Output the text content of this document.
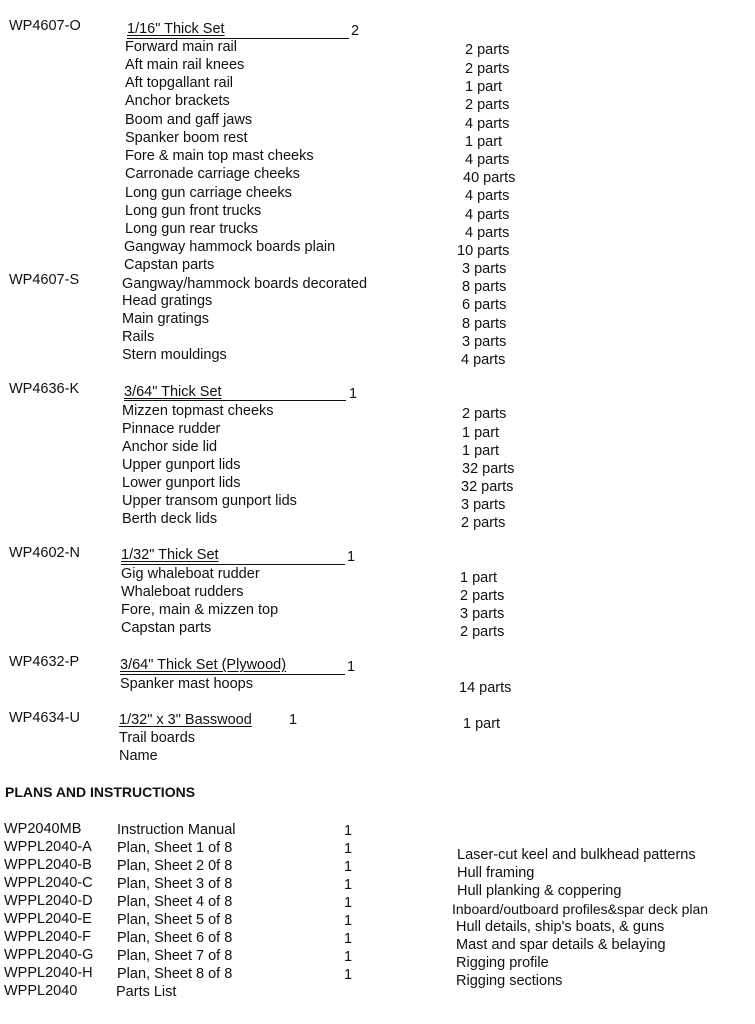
WP4607-O	1/16" Thick Set	2
Forward main rail	2 parts
Aft main rail knees	2 parts
Aft topgallant rail	1 part
Anchor brackets	2 parts
Boom and gaff jaws	4 parts
Spanker boom rest	1 part
Fore & main top mast cheeks	4 parts
Carronade carriage cheeks	40 parts
Long gun carriage cheeks	4 parts
Long gun front trucks	4 parts
Long gun rear trucks	4 parts
Gangway hammock boards plain	10 parts
Capstan parts	3 parts
WP4607-S	Gangway/hammock boards decorated	8 parts
Head gratings	6 parts
Main gratings	8 parts
Rails	3 parts
Stern mouldings	4 parts
WP4636-K	3/64" Thick Set	1
Mizzen topmast cheeks	2 parts
Pinnace rudder	1 part
Anchor side lid	1 part
Upper gunport lids	32 parts
Lower gunport lids	32 parts
Upper transom gunport lids	3 parts
Berth deck lids	2 parts
WP4602-N	1/32" Thick Set	1
Gig whaleboat rudder	1 part
Whaleboat rudders	2 parts
Fore, main & mizzen top	3 parts
Capstan parts	2 parts
WP4632-P	3/64" Thick Set (Plywood)	1
Spanker mast hoops	14 parts
WP4634-U	1/32" x 3" Basswood	1	1 part
Trail boards
Name
PLANS AND INSTRUCTIONS
WP2040MB Instruction Manual	1
WPPL2040-A Plan, Sheet 1 of 8	1	Laser-cut keel and bulkhead patterns
WPPL2040-B Plan, Sheet 2 0f 8	1	Hull framing
WPPL2040-C Plan, Sheet 3 of 8	1	Hull planking & coppering
WPPL2040-D Plan, Sheet 4 of 8	1	Inboard/outboard profiles&spar deck plan
WPPL2040-E Plan, Sheet 5 of 8	1	Hull details, ship's boats, & guns
WPPL2040-F Plan, Sheet 6 of 8	1	Mast and spar details & belaying
WPPL2040-G Plan, Sheet 7 of 8	1	Rigging profile
WPPL2040-H Plan, Sheet 8 of 8	1	Rigging sections
WPPL2040	Parts List
